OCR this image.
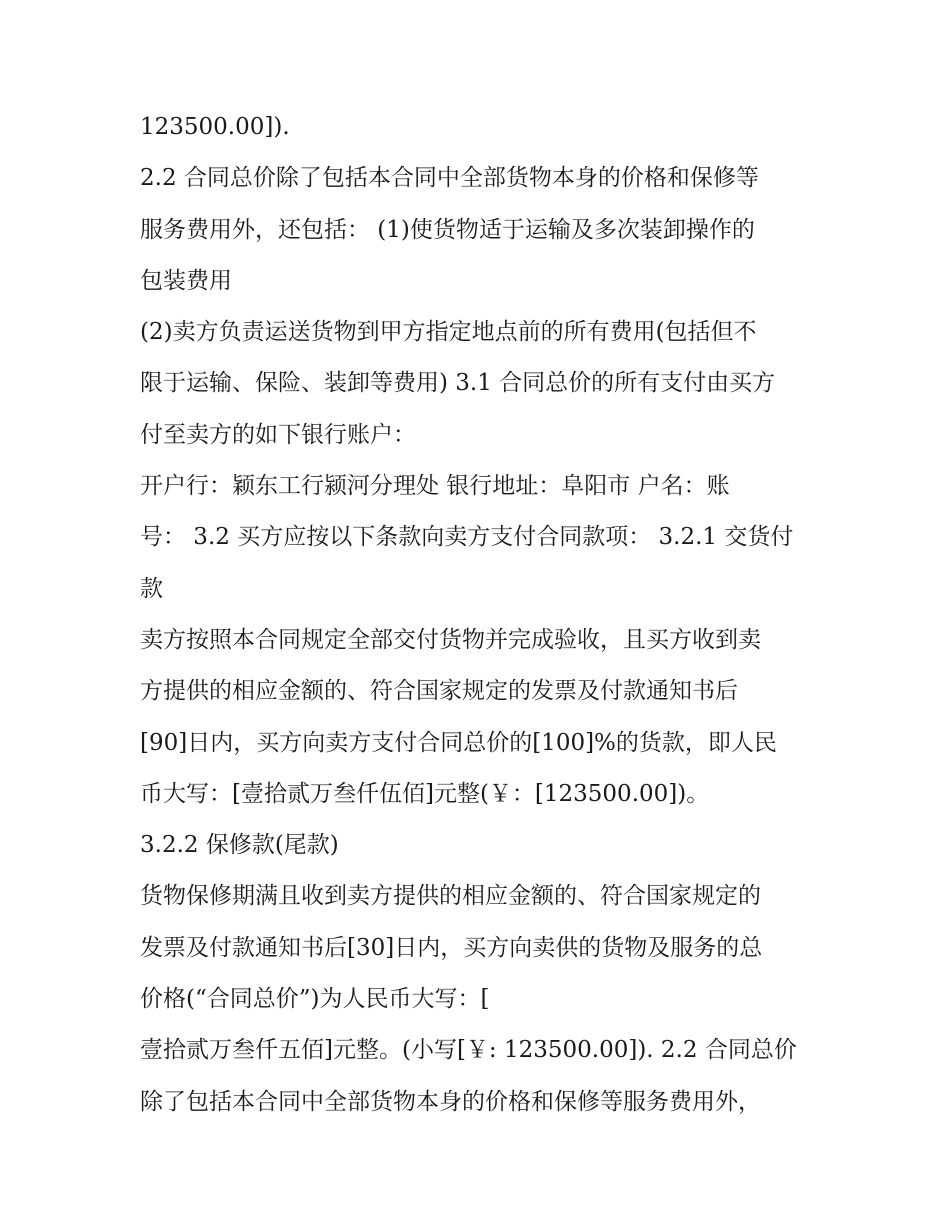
123500.00]).
2.2 合同总价除了包括本合同中全部货物本身的价格和保修等
服务费用外，还包括： (1)使货物适于运输及多次装卸操作的
包装费用
(2)卖方负责运送货物到甲方指定地点前的所有费用(包括但不
限于运输、保险、装卸等费用) 3.1 合同总价的所有支付由买方
付至卖方的如下银行账户：
开户行：颖东工行颍河分理处 银行地址：阜阳市 户名：账
号： 3.2 买方应按以下条款向卖方支付合同款项： 3.2.1 交货付
款
卖方按照本合同规定全部交付货物并完成验收，且买方收到卖
方提供的相应金额的、符合国家规定的发票及付款通知书后
[90]日内，买方向卖方支付合同总价的[100]%的货款，即人民
币大写：[壹拾贰万叁仟伍佰]元整(￥：[123500.00])。
3.2.2 保修款(尾款)
货物保修期满且收到卖方提供的相应金额的、符合国家规定的
发票及付款通知书后[30]日内，买方向卖供的货物及服务的总
价格(“合同总价”)为人民币大写：[
壹拾贰万叁仟五佰]元整。(小写[￥: 123500.00]). 2.2 合同总价
除了包括本合同中全部货物本身的价格和保修等服务费用外，
